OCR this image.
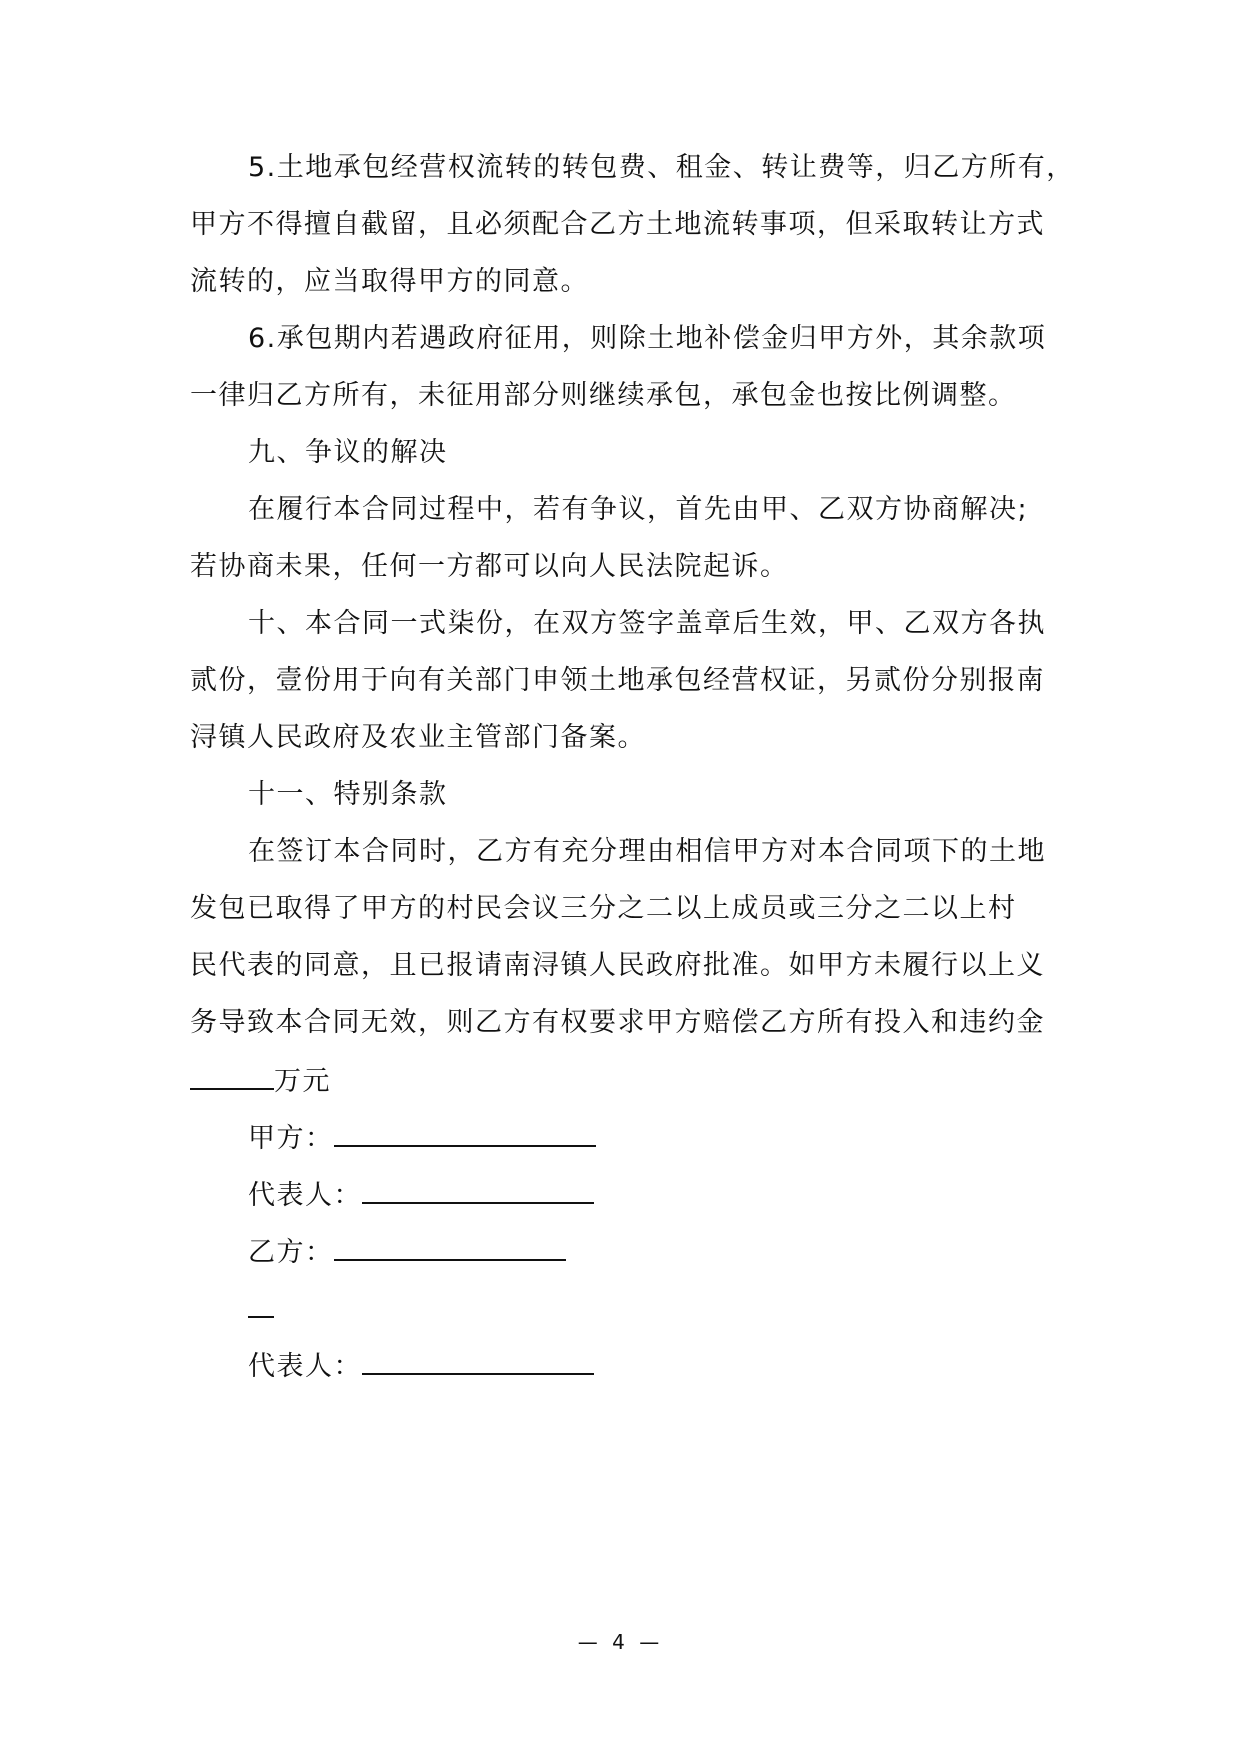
5.土地承包经营权流转的转包费、租金、转让费等，归乙方所有，
甲方不得擅自截留，且必须配合乙方土地流转事项，但采取转让方式
流转的，应当取得甲方的同意。
6.承包期内若遇政府征用，则除土地补偿金归甲方外，其余款项
一律归乙方所有，未征用部分则继续承包，承包金也按比例调整。
九、争议的解决
在履行本合同过程中，若有争议，首先由甲、乙双方协商解决;
若协商未果，任何一方都可以向人民法院起诉。
十、本合同一式柒份，在双方签字盖章后生效，甲、乙双方各执
贰份，壹份用于向有关部门申领土地承包经营权证，另贰份分别报南
浔镇人民政府及农业主管部门备案。
十一、特别条款
在签订本合同时，乙方有充分理由相信甲方对本合同项下的土地
发包已取得了甲方的村民会议三分之二以上成员或三分之二以上村
民代表的同意，且已报请南浔镇人民政府批准。如甲方未履行以上义
务导致本合同无效，则乙方有权要求甲方赔偿乙方所有投入和违约金
万元
甲方：
代表人：
乙方：
代表人：
— 4 —
